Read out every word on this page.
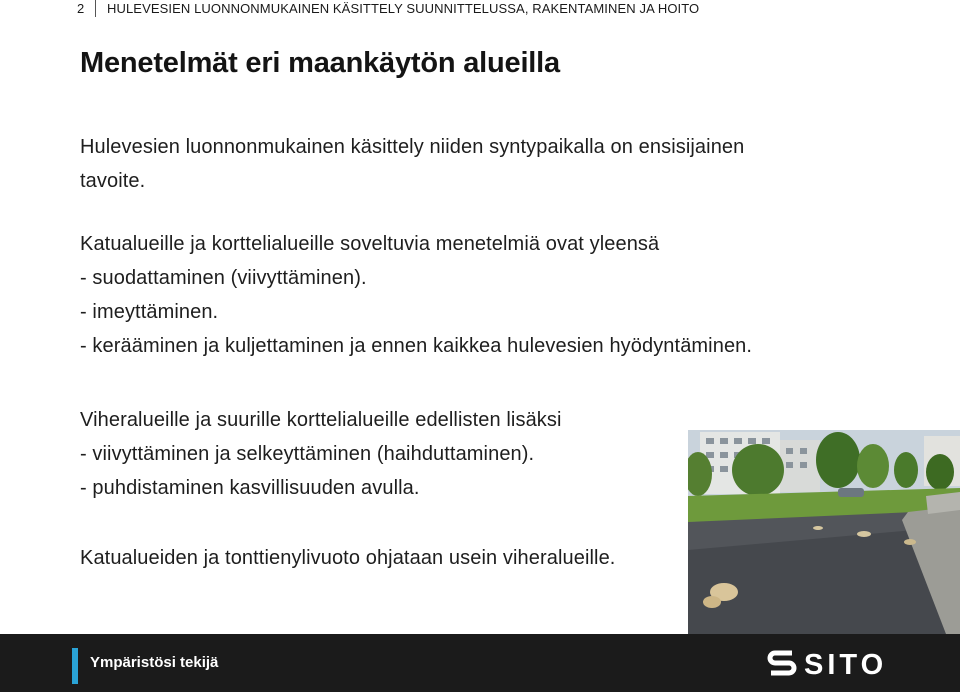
2 HULEVESIEN LUONNONMUKAINEN KÄSITTELY SUUNNITTELUSSA, RAKENTAMINEN JA HOITO
Menetelmät eri maankäytön alueilla
Hulevesien luonnonmukainen käsittely niiden syntypaikalla on ensisijainen
tavoite.
Katualueille ja korttelialueille soveltuvia menetelmiä ovat yleensä
- suodattaminen (viivyttäminen).
- imeyttäminen.
- kerääminen ja kuljettaminen ja ennen kaikkea hulevesien hyödyntäminen.
Viheralueille ja suurille korttelialueille edellisten lisäksi
- viivyttäminen ja selkeyttäminen (haihduttaminen).
- puhdistaminen kasvillisuuden avulla.
Katualueiden ja tonttienylivuoto ohjataan usein viheralueille.
Ympäristösi tekijä	SITO
